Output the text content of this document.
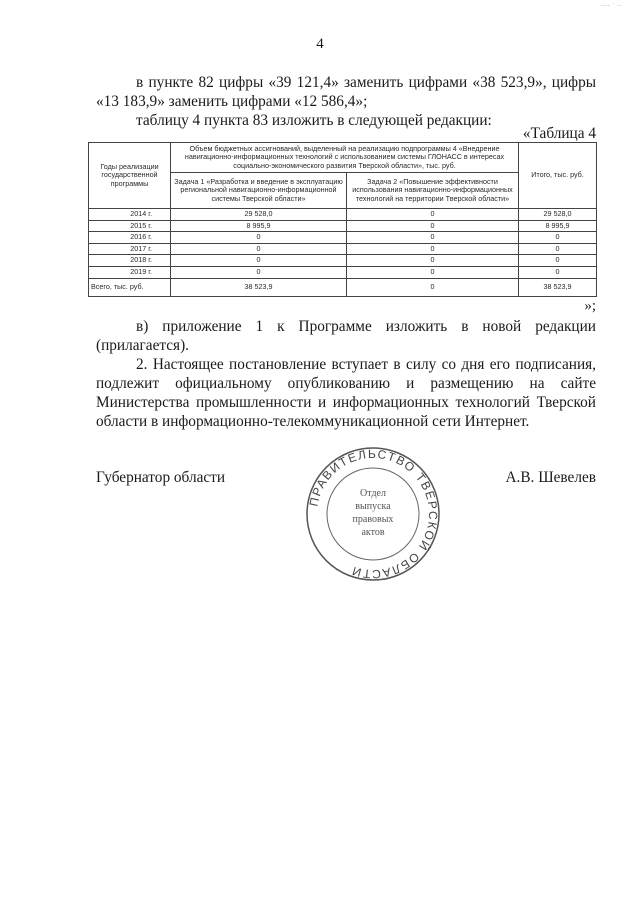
...... · ...
4
в пункте 82 цифры «39 121,4» заменить цифрами «38 523,9», цифры
«13 183,9» заменить цифрами «12 586,4»;
таблицу 4 пункта 83 изложить в следующей редакции:
«Таблица 4
Годы реализации государственной программы	Объем бюджетных ассигнований, выделенный на реализацию подпрограммы 4 «Внедрение навигационно-информационных технологий с использованием системы ГЛОНАСС в интересах социально-экономического развития Тверской области», тыс. руб.		Итого, тыс. руб.
	Задача 1 «Разработка и введение в эксплуатацию региональной навигационно-информационной системы Тверской области»	Задача 2 «Повышение эффективности использования навигационно-информационных технологий на территории Тверской области»	
2014 г.	29 528,0	0	29 528,0
2015 г.	8 995,9	0	8 995,9
2016 г.	0	0	0
2017 г.	0	0	0
2018 г.	0	0	0
2019 г.	0	0	0
Всего, тыс. руб.	38 523,9	0	38 523,9
»;
в) приложение 1 к Программе изложить в новой редакции
(прилагается).
2. Настоящее постановление вступает в силу со дня его подписания,
подлежит официальному опубликованию и размещению на сайте
Министерства промышленности и информационных технологий Тверской
области в информационно-телекоммуникационной сети Интернет.
Губернатор области	А.В. Шевелев
ПРАВИТЕЛЬСТВО ТВЕРСКОЙ ОБЛАСТИ
Отдел
выпуска
правовых
актов
